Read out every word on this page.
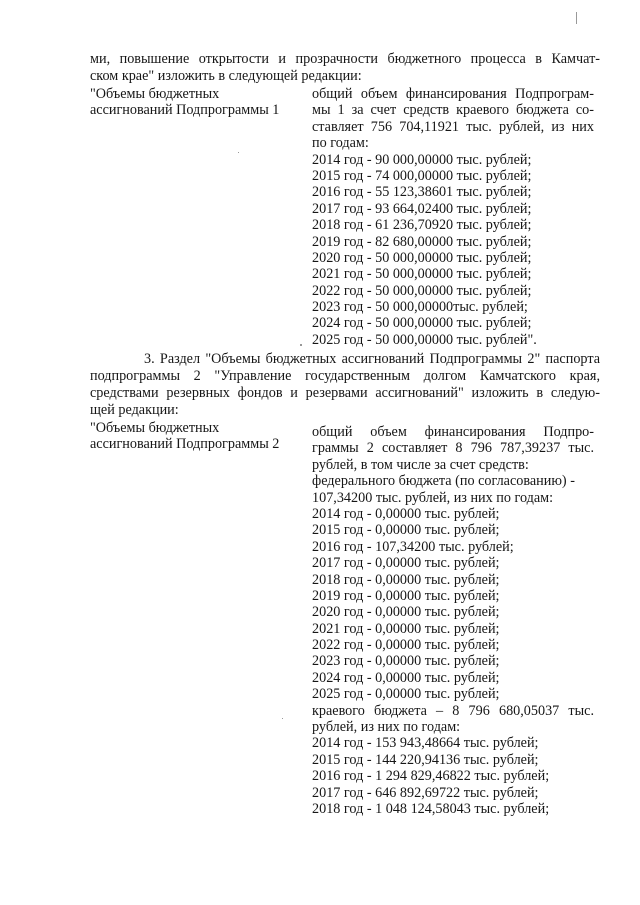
ми, повышение открытости и прозрачности бюджетного процесса в Камчат-
ском крае" изложить в следующей редакции:
"Объемы бюджетных
ассигнований Подпрограммы 1
общий объем финансирования Подпрограм-
мы 1 за счет средств краевого бюджета со-
ставляет 756 704,11921 тыс. рублей, из них
по годам:
2014 год - 90 000,00000 тыс. рублей;
2015 год - 74 000,00000 тыс. рублей;
2016 год - 55 123,38601 тыс. рублей;
2017 год - 93 664,02400 тыс. рублей;
2018 год - 61 236,70920 тыс. рублей;
2019 год - 82 680,00000 тыс. рублей;
2020 год - 50 000,00000 тыс. рублей;
2021 год - 50 000,00000 тыс. рублей;
2022 год - 50 000,00000 тыс. рублей;
2023 год - 50 000,00000тыс. рублей;
2024 год - 50 000,00000 тыс. рублей;
2025 год - 50 000,00000 тыс. рублей".
3. Раздел "Объемы бюджетных ассигнований Подпрограммы 2" паспорта
подпрограммы 2 "Управление государственным долгом Камчатского края,
средствами резервных фондов и резервами ассигнований" изложить в следую-
щей редакции:
"Объемы бюджетных
ассигнований Подпрограммы 2
общий объем финансирования Подпро-
граммы 2 составляет 8 796 787,39237 тыс.
рублей, в том числе за счет средств:
федерального бюджета (по согласованию) -
107,34200 тыс. рублей, из них по годам:
2014 год - 0,00000 тыс. рублей;
2015 год - 0,00000 тыс. рублей;
2016 год - 107,34200 тыс. рублей;
2017 год - 0,00000 тыс. рублей;
2018 год - 0,00000 тыс. рублей;
2019 год - 0,00000 тыс. рублей;
2020 год - 0,00000 тыс. рублей;
2021 год - 0,00000 тыс. рублей;
2022 год - 0,00000 тыс. рублей;
2023 год - 0,00000 тыс. рублей;
2024 год - 0,00000 тыс. рублей;
2025 год - 0,00000 тыс. рублей;
краевого бюджета – 8 796 680,05037 тыс.
рублей, из них по годам:
2014 год - 153 943,48664 тыс. рублей;
2015 год - 144 220,94136 тыс. рублей;
2016 год - 1 294 829,46822 тыс. рублей;
2017 год - 646 892,69722 тыс. рублей;
2018 год - 1 048 124,58043 тыс. рублей;
